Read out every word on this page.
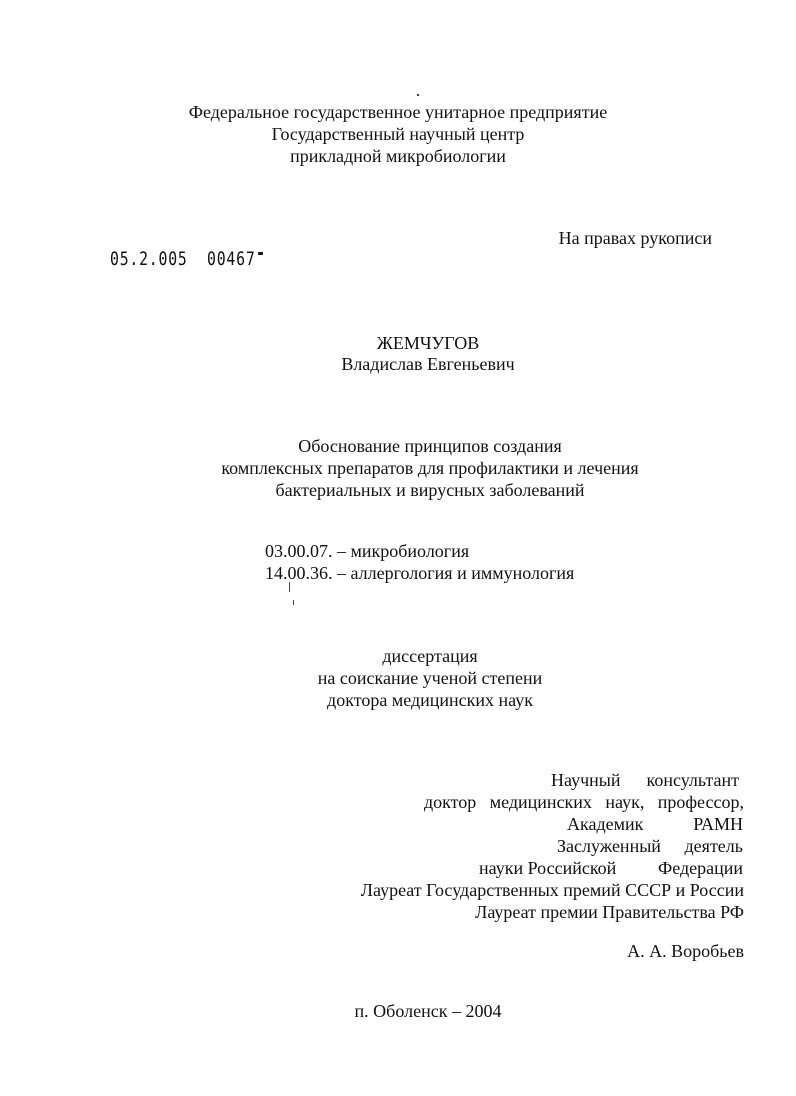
Федеральное государственное унитарное предприятие
Государственный научный центр
прикладной микробиологии
На правах рукописи
05.2.005  00467
ЖЕМЧУГОВ
Владислав Евгеньевич
Обоснование принципов создания
комплексных препаратов для профилактики и лечения
бактериальных и вирусных заболеваний
03.00.07. – микробиология
14.00.36. – аллергология и иммунология
диссертация
на соискание ученой степени
доктора медицинских наук
Научный консультант
доктор медицинских наук, профессор,
Академик	РАМН
Заслуженный деятель
науки Российской Федерации
Лауреат Государственных премий СССР и России
Лауреат премии Правительства РФ
А. А. Воробьев
п. Оболенск – 2004
